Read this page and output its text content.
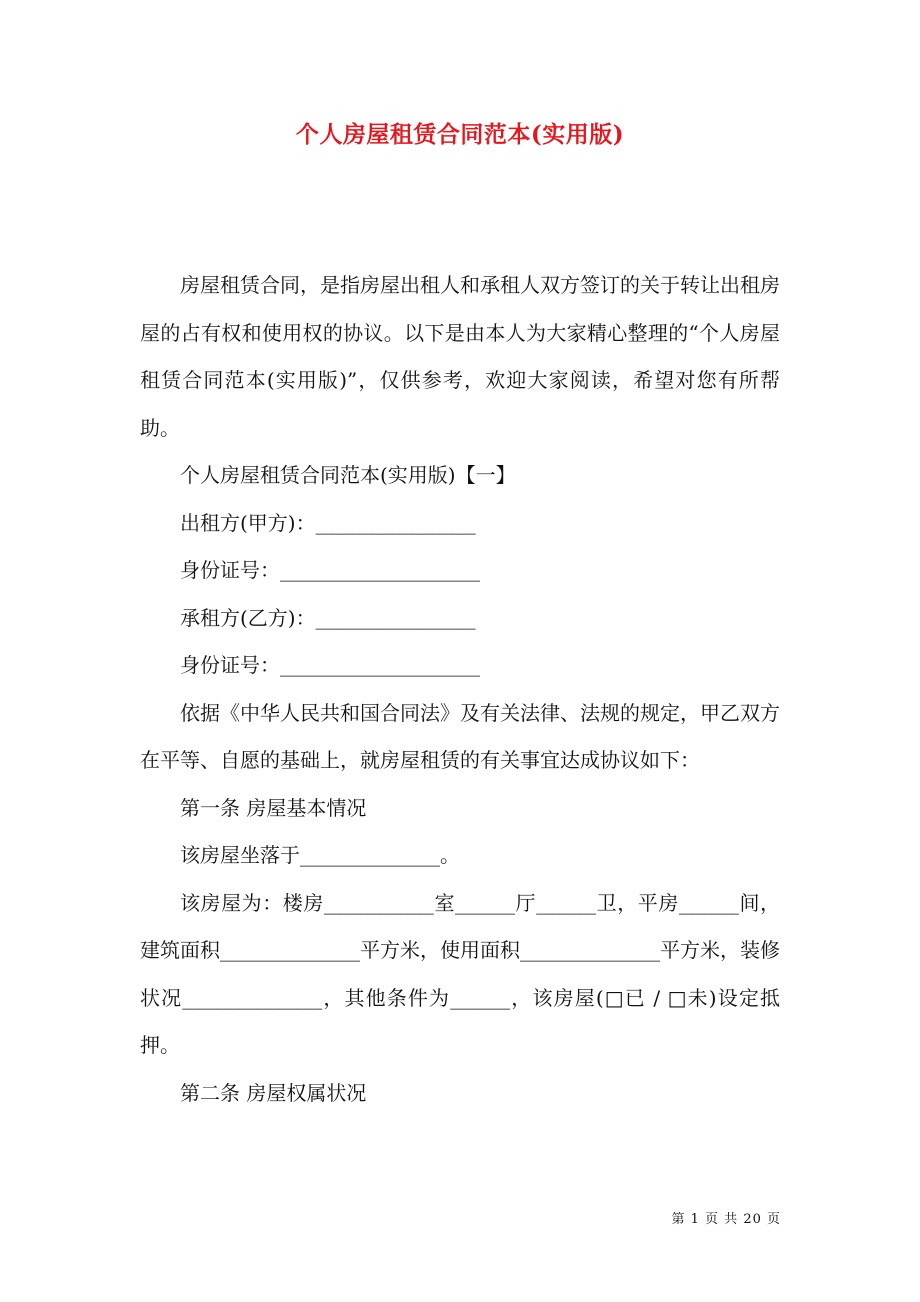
个人房屋租赁合同范本(实用版)

房屋租赁合同，是指房屋出租人和承租人双方签订的关于转让出租房屋的占有权和使用权的协议。以下是由本人为大家精心整理的“个人房屋租赁合同范本(实用版)”，仅供参考，欢迎大家阅读，希望对您有所帮助。

个人房屋租赁合同范本(实用版)【一】

出租方(甲方)：________________

身份证号：____________________

承租方(乙方)：________________

身份证号：____________________

依据《中华人民共和国合同法》及有关法律、法规的规定，甲乙双方在平等、自愿的基础上，就房屋租赁的有关事宜达成协议如下：

第一条 房屋基本情况

该房屋坐落于______________。

该房屋为：楼房___________室______厅______卫，平房______间，建筑面积______________平方米，使用面积______________平方米，装修状况______________，其他条件为______，该房屋(□已 / □未)设定抵押。

第二条 房屋权属状况

第 1 页 共 20 页
